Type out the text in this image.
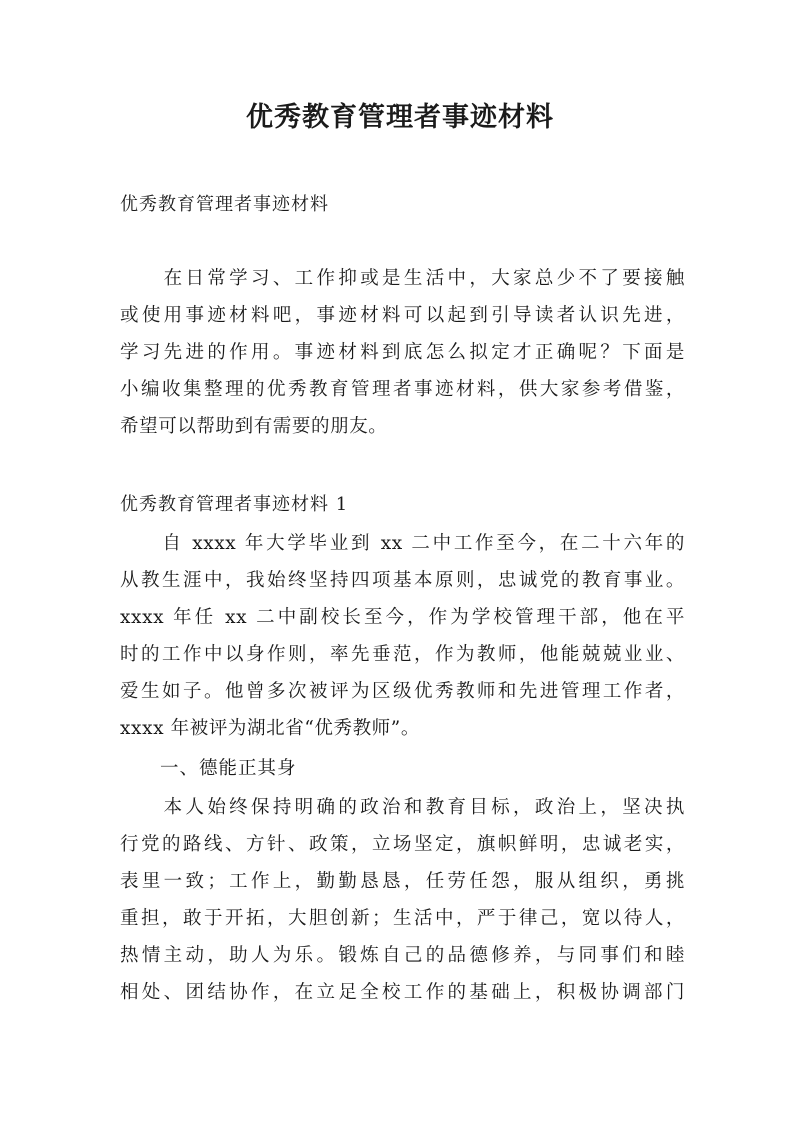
优秀教育管理者事迹材料
优秀教育管理者事迹材料
　　在日常学习、工作抑或是生活中，大家总少不了要接触
或使用事迹材料吧，事迹材料可以起到引导读者认识先进，
学习先进的作用。事迹材料到底怎么拟定才正确呢？下面是
小编收集整理的优秀教育管理者事迹材料，供大家参考借鉴，
希望可以帮助到有需要的朋友。
优秀教育管理者事迹材料 1
　　自 xxxx 年大学毕业到 xx 二中工作至今，在二十六年的
从教生涯中，我始终坚持四项基本原则，忠诚党的教育事业。
xxxx 年任 xx 二中副校长至今，作为学校管理干部，他在平
时的工作中以身作则，率先垂范，作为教师，他能兢兢业业、
爱生如子。他曾多次被评为区级优秀教师和先进管理工作者，
xxxx 年被评为湖北省“优秀教师”。
一、德能正其身
　　本人始终保持明确的政治和教育目标，政治上，坚决执
行党的路线、方针、政策，立场坚定，旗帜鲜明，忠诚老实，
表里一致；工作上，勤勤恳恳，任劳任怨，服从组织，勇挑
重担，敢于开拓，大胆创新；生活中，严于律己，宽以待人，
热情主动，助人为乐。锻炼自己的品德修养，与同事们和睦
相处、团结协作，在立足全校工作的基础上，积极协调部门
